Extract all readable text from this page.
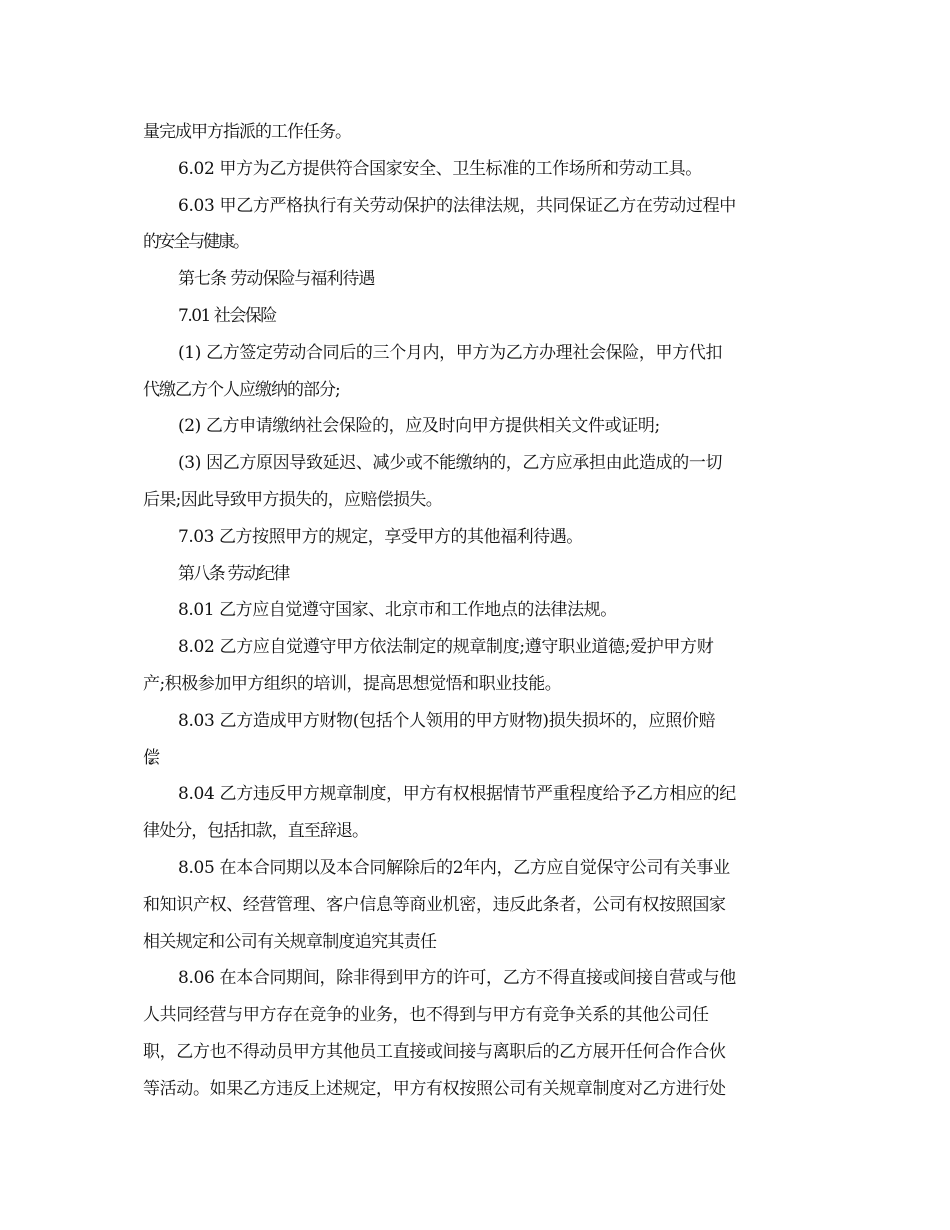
量完成甲方指派的工作任务。
6.02 甲方为乙方提供符合国家安全、卫生标准的工作场所和劳动工具。
6.03 甲乙方严格执行有关劳动保护的法律法规，共同保证乙方在劳动过程中
的安全与健康。
第七条 劳动保险与福利待遇
7.01 社会保险
(1) 乙方签定劳动合同后的三个月内，甲方为乙方办理社会保险，甲方代扣
代缴乙方个人应缴纳的部分;
(2) 乙方申请缴纳社会保险的，应及时向甲方提供相关文件或证明;
(3) 因乙方原因导致延迟、减少或不能缴纳的，乙方应承担由此造成的一切
后果;因此导致甲方损失的，应赔偿损失。
7.03 乙方按照甲方的规定，享受甲方的其他福利待遇。
第八条 劳动纪律
8.01 乙方应自觉遵守国家、北京市和工作地点的法律法规。
8.02 乙方应自觉遵守甲方依法制定的规章制度;遵守职业道德;爱护甲方财
产;积极参加甲方组织的培训，提高思想觉悟和职业技能。
8.03 乙方造成甲方财物(包括个人领用的甲方财物)损失损坏的，应照价赔
偿。
8.04 乙方违反甲方规章制度，甲方有权根据情节严重程度给予乙方相应的纪
律处分，包括扣款，直至辞退。
8.05 在本合同期以及本合同解除后的2年内，乙方应自觉保守公司有关事业
和知识产权、经营管理、客户信息等商业机密，违反此条者，公司有权按照国家
相关规定和公司有关规章制度追究其责任
8.06 在本合同期间，除非得到甲方的许可，乙方不得直接或间接自营或与他
人共同经营与甲方存在竞争的业务，也不得到与甲方有竞争关系的其他公司任
职，乙方也不得动员甲方其他员工直接或间接与离职后的乙方展开任何合作合伙
等活动。如果乙方违反上述规定，甲方有权按照公司有关规章制度对乙方进行处
